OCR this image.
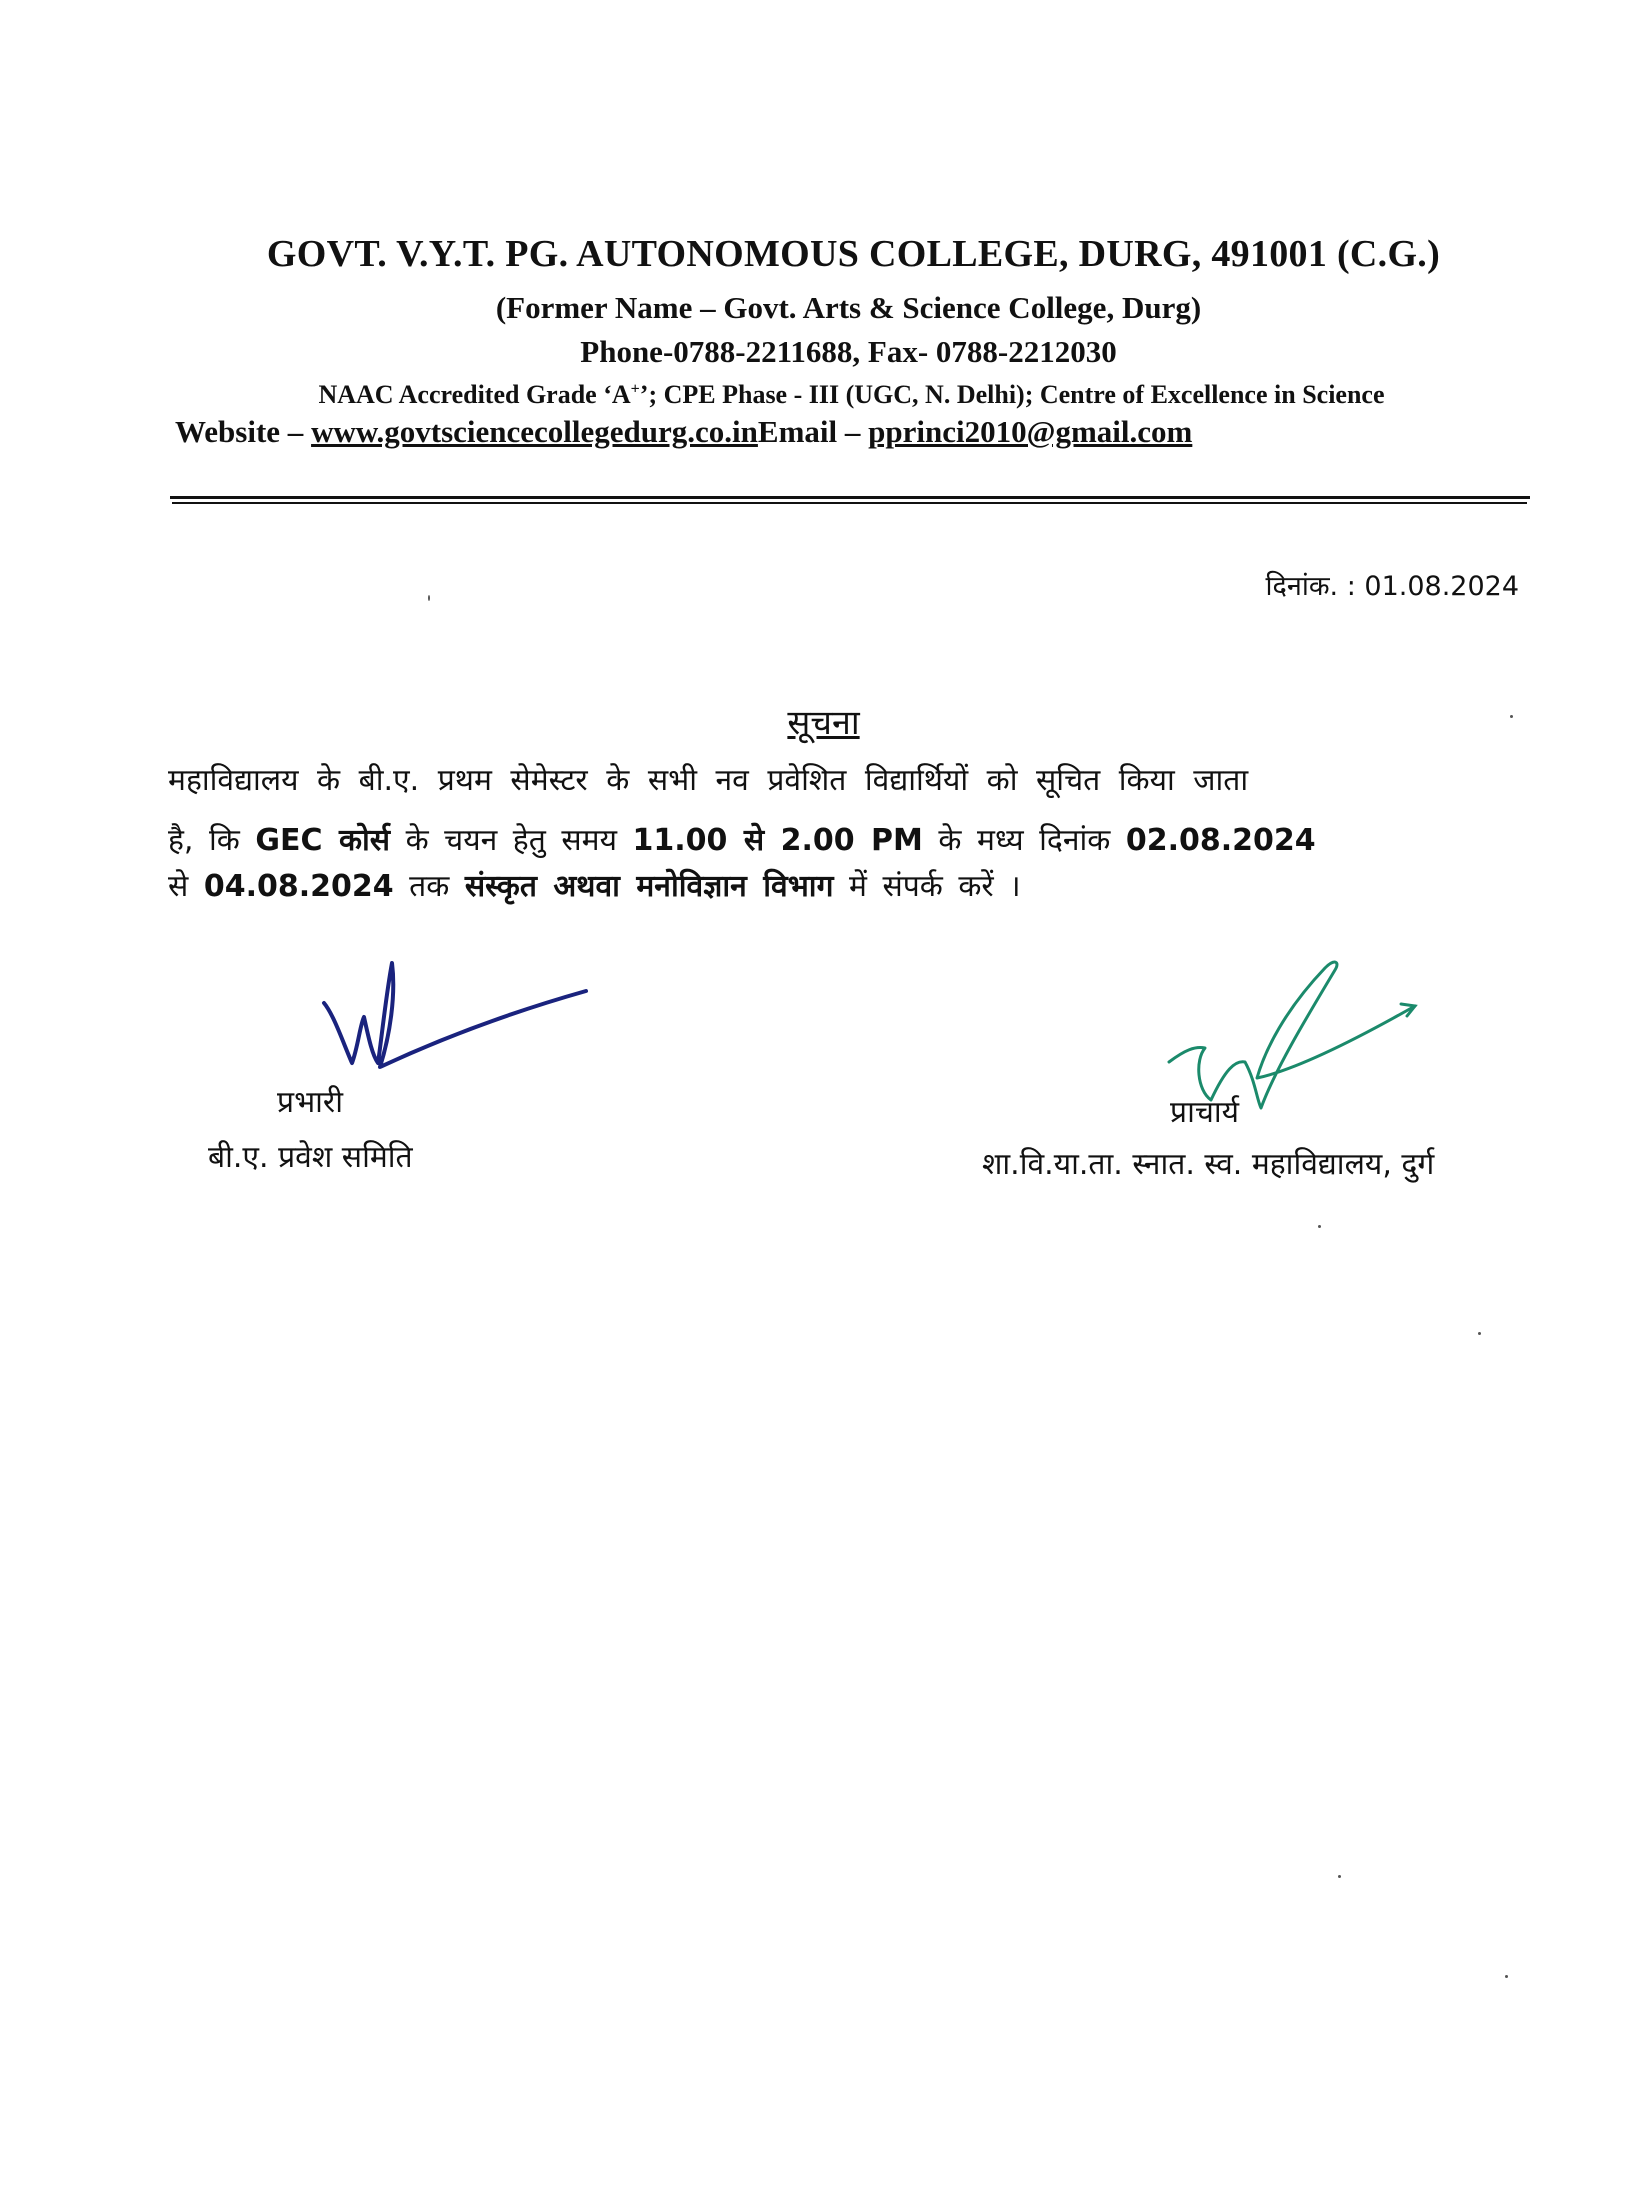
GOVT. V.Y.T. PG. AUTONOMOUS COLLEGE, DURG, 491001 (C.G.)
(Former Name – Govt. Arts & Science College, Durg)
Phone-0788-2211688, Fax- 0788-2212030
NAAC Accredited Grade ‘A+’; CPE Phase - III (UGC, N. Delhi); Centre of Excellence in Science
Website – www.govtsciencecollegedurg.co.inEmail – pprinci2010@gmail.com
दिनांक. : 01.08.2024
सूचना
महाविद्यालय के बी.ए. प्रथम सेमेस्टर के सभी नव प्रवेशित विद्यार्थियों को सूचित किया जाता
है, कि GEC कोर्स के चयन हेतु समय 11.00 से 2.00 PM के मध्य दिनांक 02.08.2024
से 04.08.2024 तक संस्कृत अथवा मनोविज्ञान विभाग में संपर्क करें ।
प्रभारी
बी.ए. प्रवेश समिति
प्राचार्य
शा.वि.या.ता. स्नात. स्व. महाविद्यालय, दुर्ग
